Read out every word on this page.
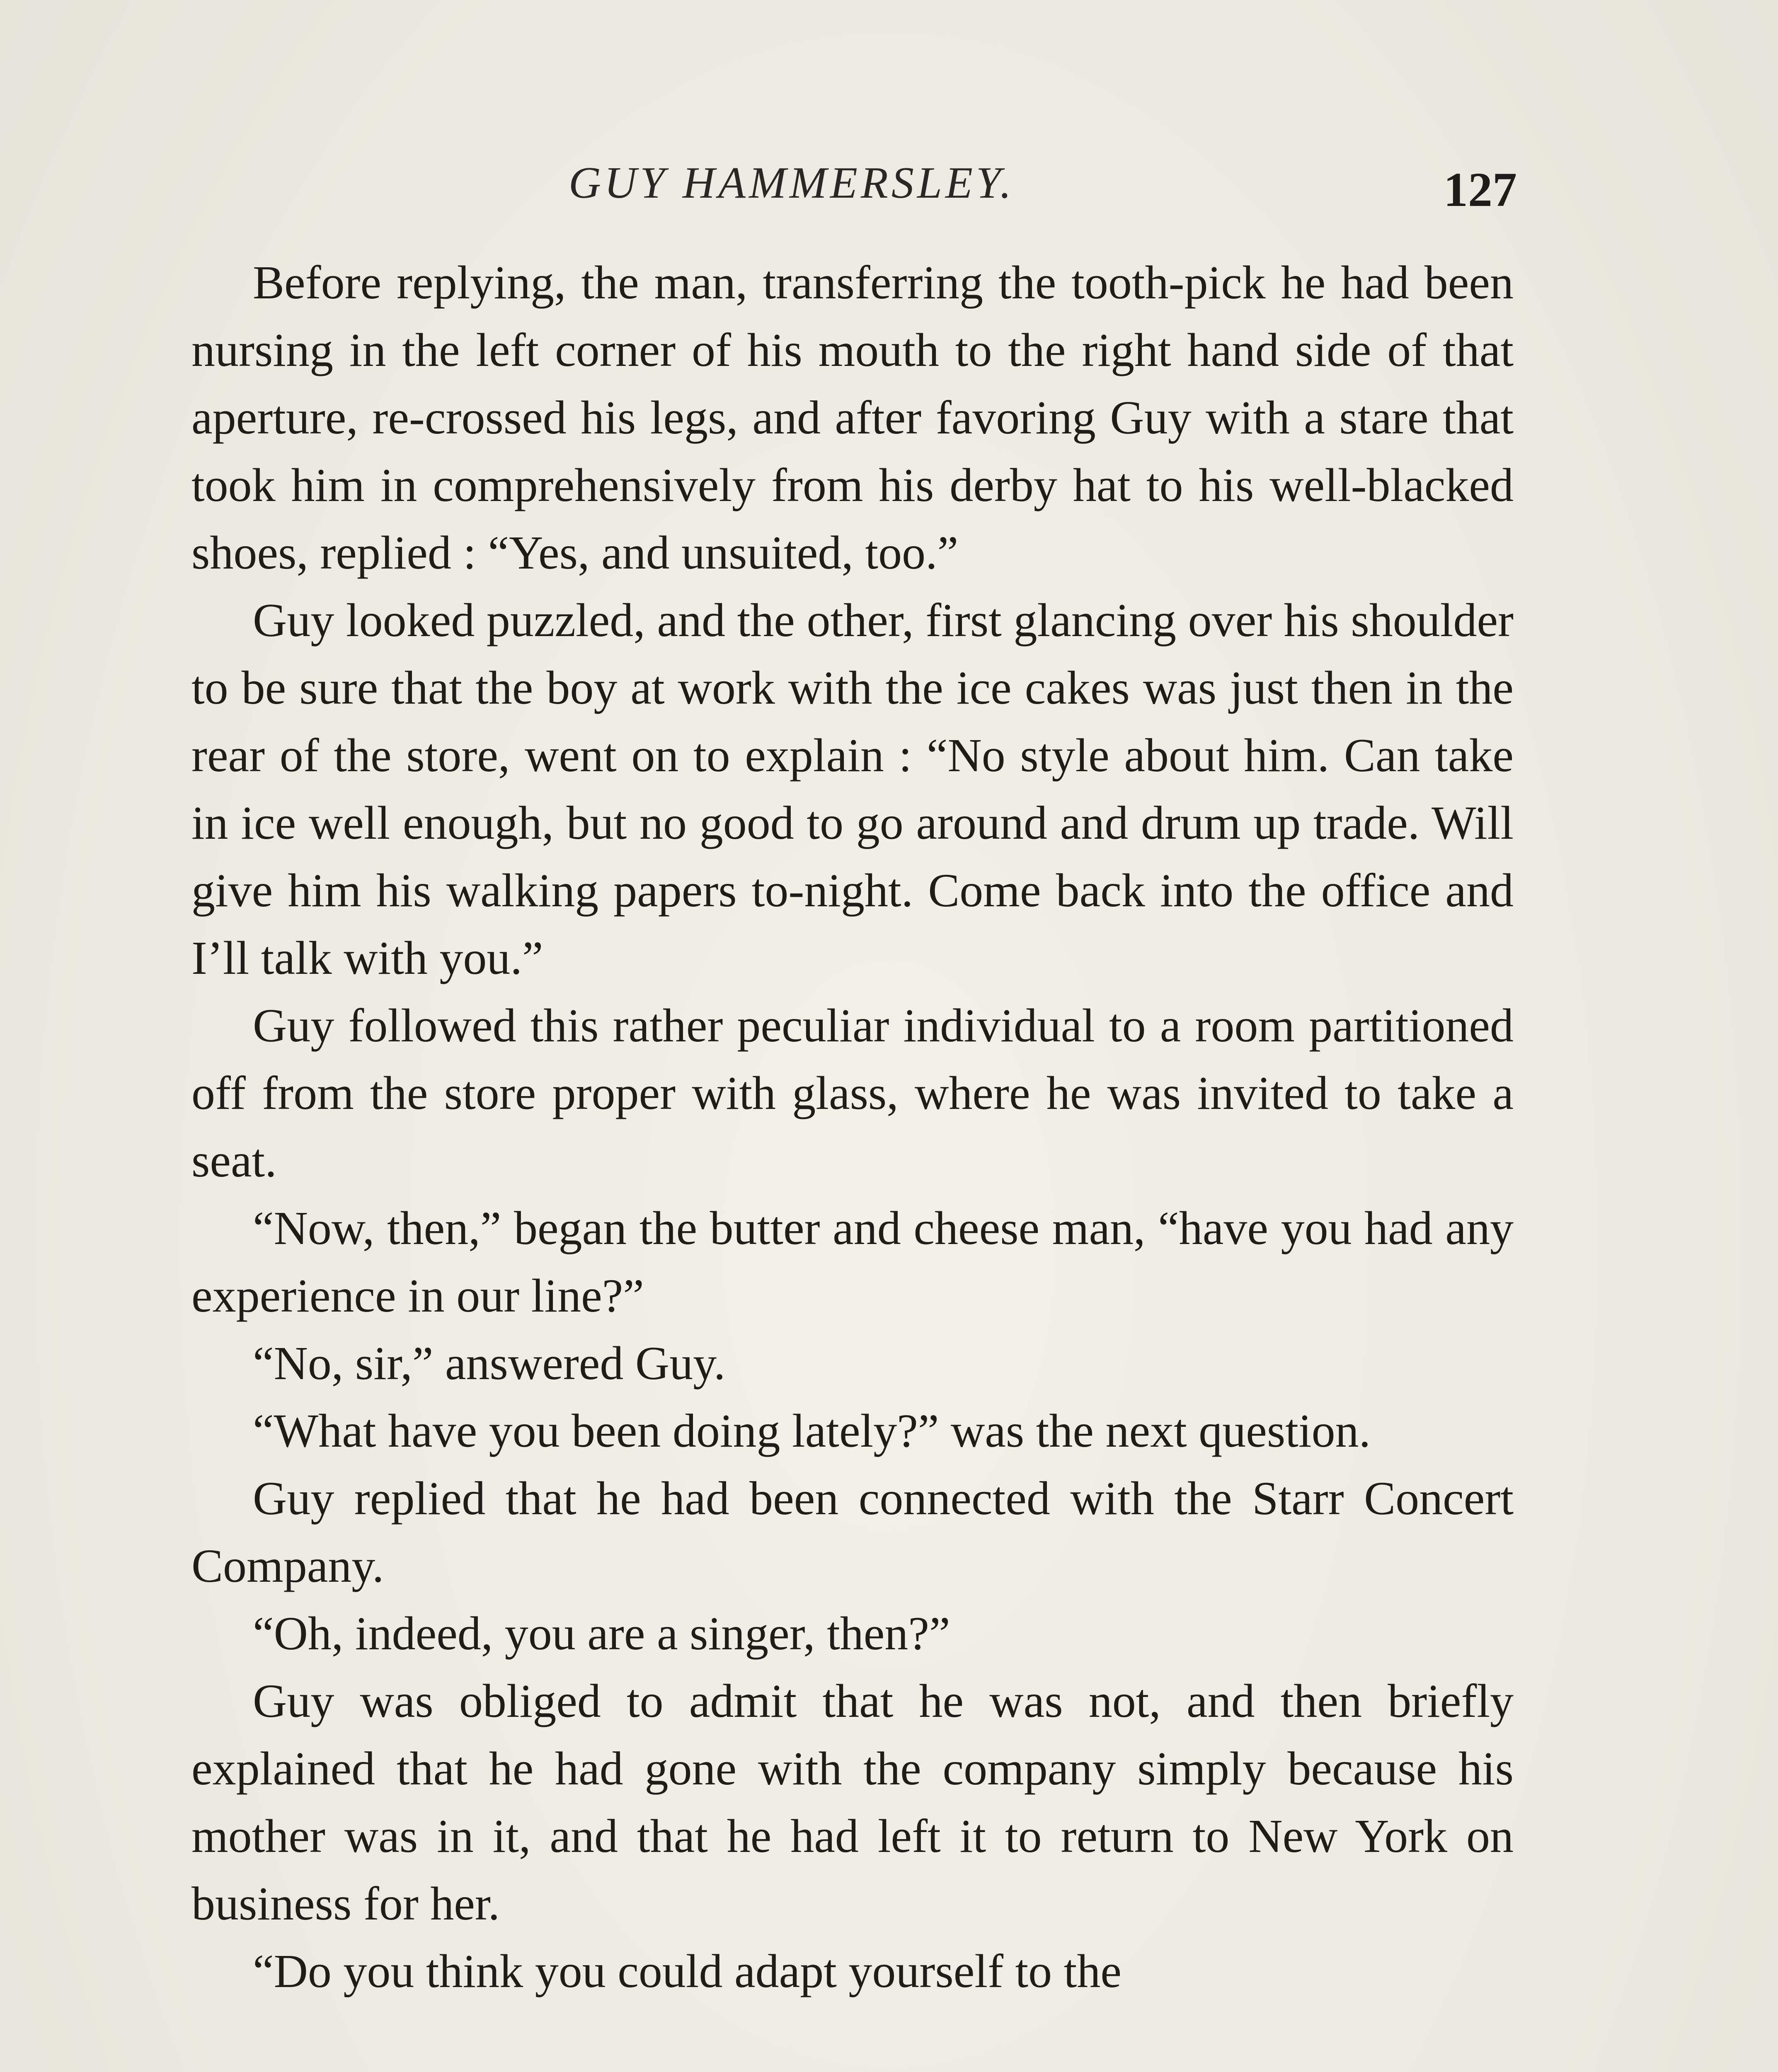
GUY HAMMERSLEY.	127

Before replying, the man, transferring the tooth-pick he had been nursing in the left corner of his mouth to the right hand side of that aperture, re-crossed his legs, and after favoring Guy with a stare that took him in comprehensively from his derby hat to his well-blacked shoes, replied : “Yes, and unsuited, too.”

Guy looked puzzled, and the other, first glancing over his shoulder to be sure that the boy at work with the ice cakes was just then in the rear of the store, went on to explain : “No style about him. Can take in ice well enough, but no good to go around and drum up trade. Will give him his walking papers to-night. Come back into the office and I’ll talk with you.”

Guy followed this rather peculiar individual to a room partitioned off from the store proper with glass, where he was invited to take a seat.

“Now, then,” began the butter and cheese man, “have you had any experience in our line?”

“No, sir,” answered Guy.

“What have you been doing lately?” was the next question.

Guy replied that he had been connected with the Starr Concert Company.

“Oh, indeed, you are a singer, then?”

Guy was obliged to admit that he was not, and then briefly explained that he had gone with the company simply because his mother was in it, and that he had left it to return to New York on business for her.

“Do you think you could adapt yourself to the
